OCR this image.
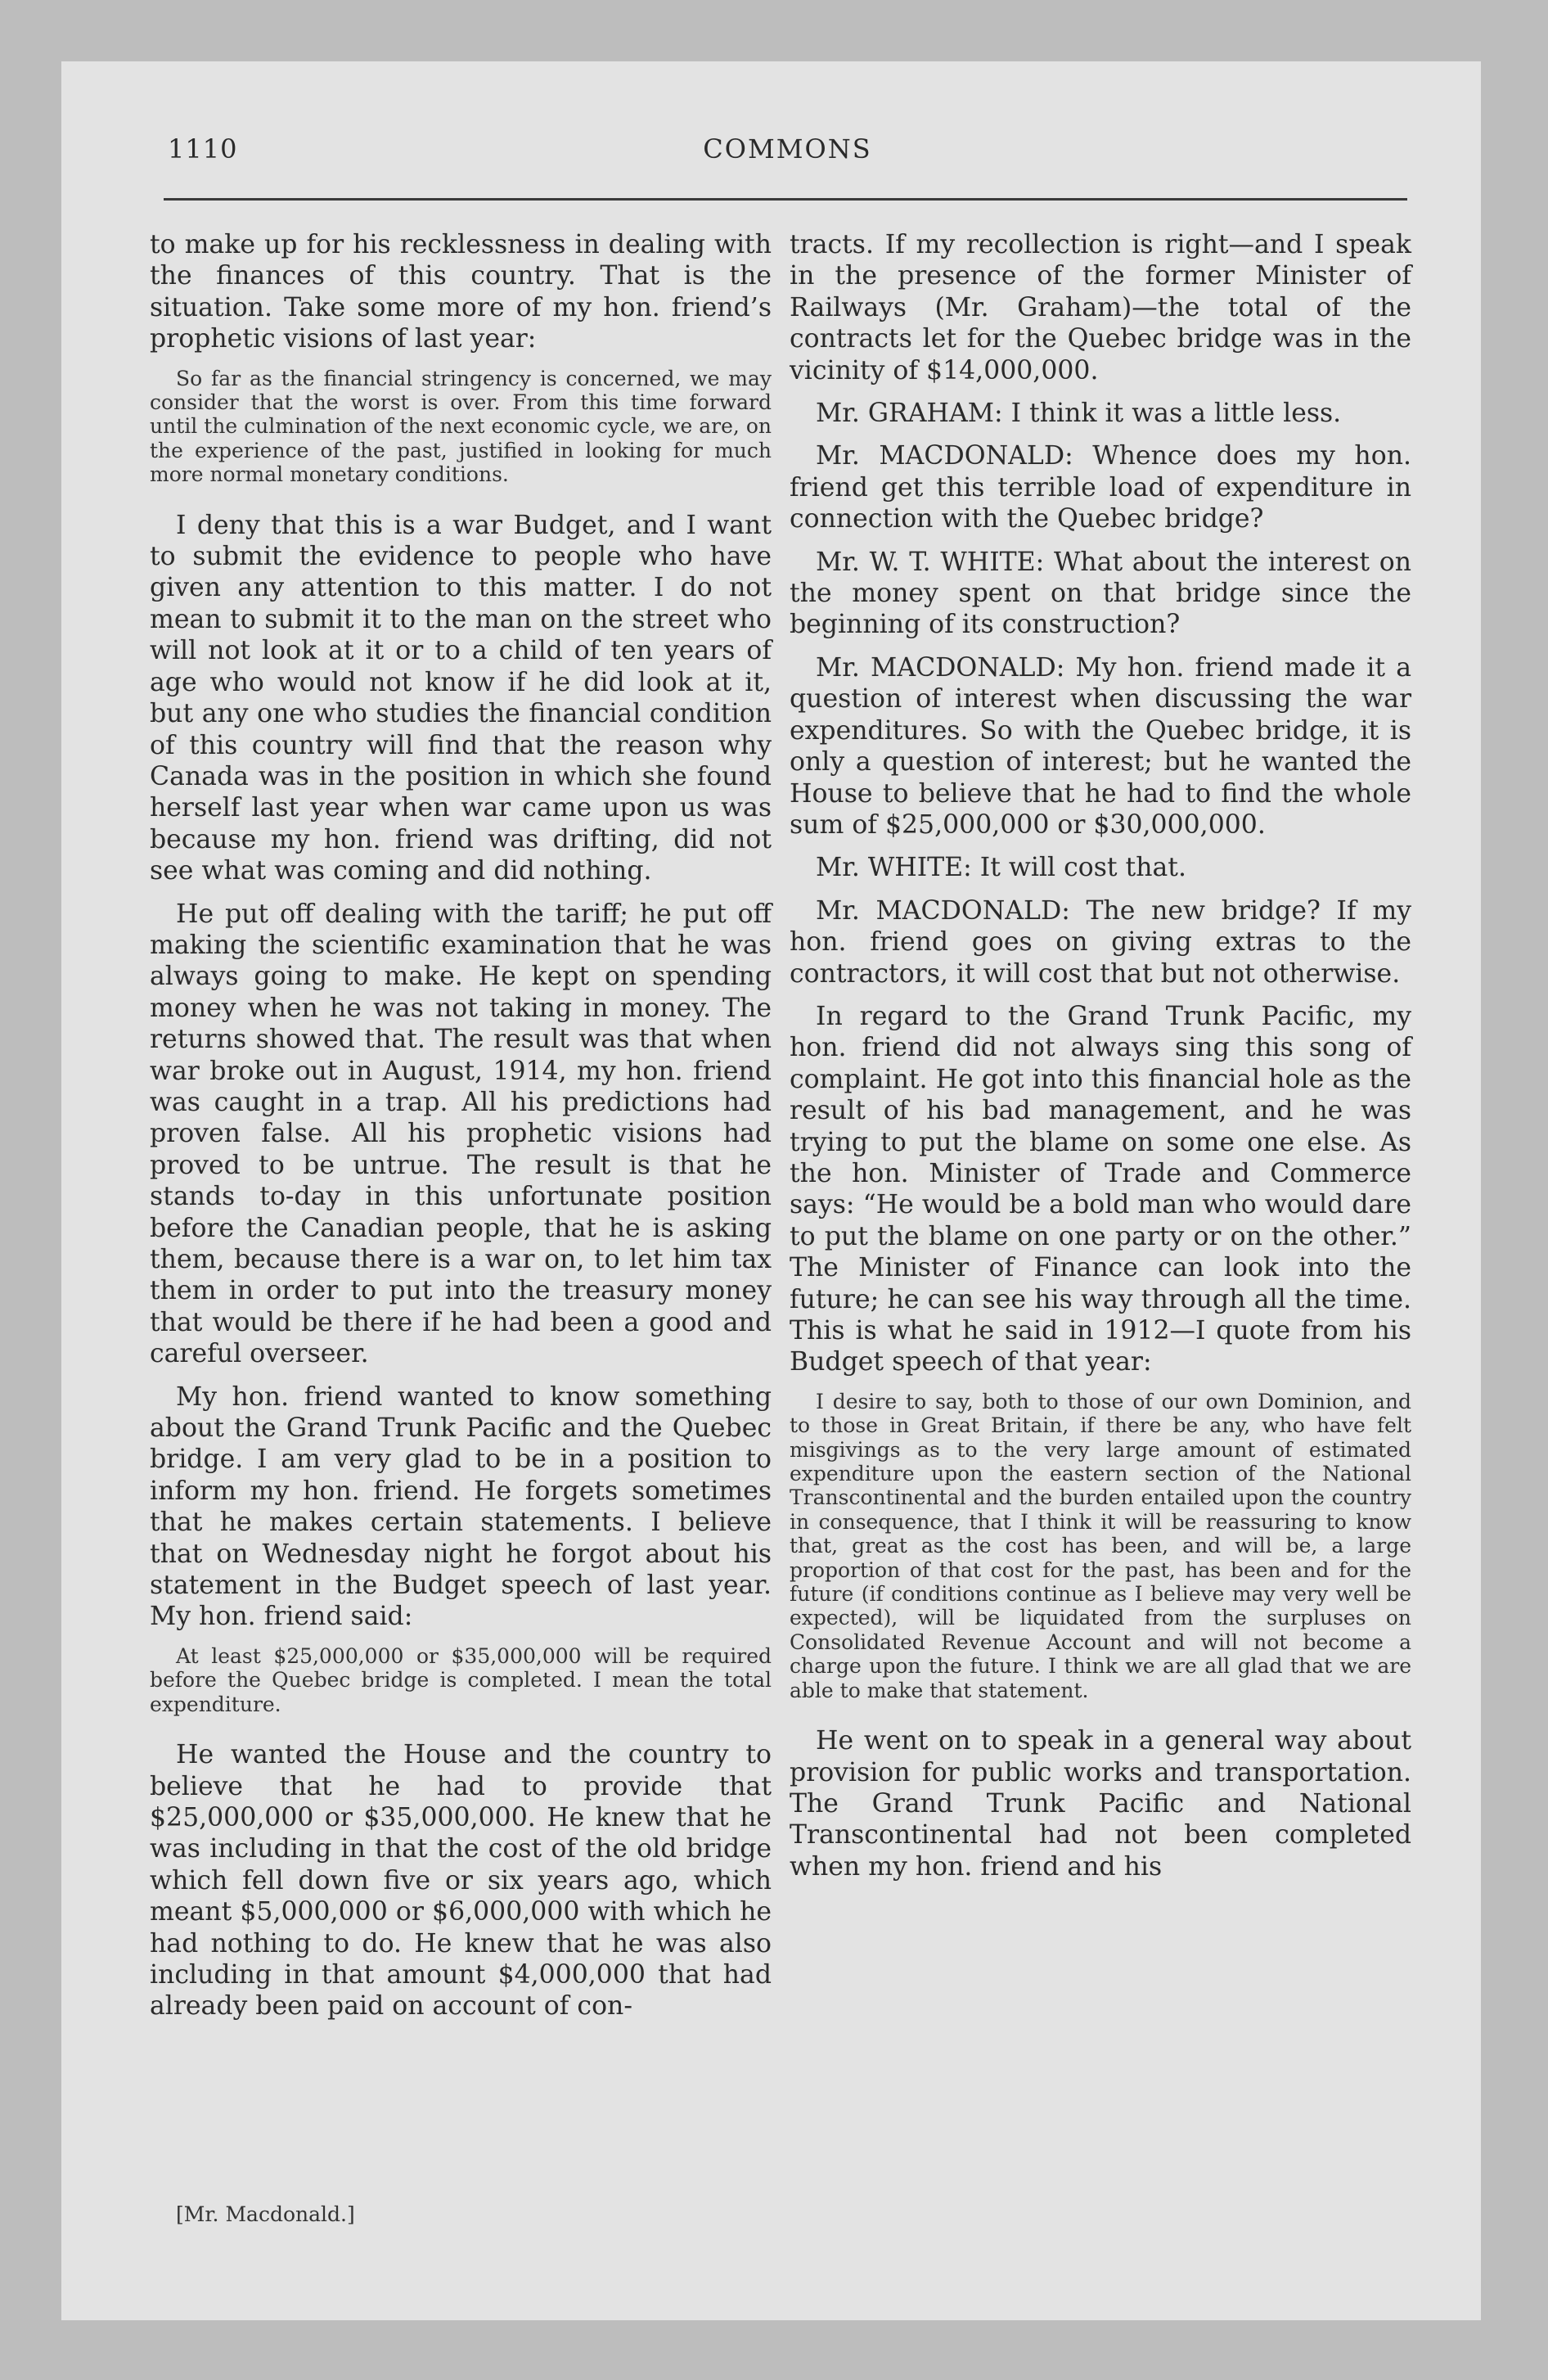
1110	COMMONS

to make up for his recklessness in dealing with the finances of this country. That is the situation. Take some more of my hon. friend’s prophetic visions of last year:

So far as the financial stringency is concerned, we may consider that the worst is over. From this time forward until the culmination of the next economic cycle, we are, on the experience of the past, justified in looking for much more normal monetary conditions.

I deny that this is a war Budget, and I want to submit the evidence to people who have given any attention to this matter. I do not mean to submit it to the man on the street who will not look at it or to a child of ten years of age who would not know if he did look at it, but any one who studies the financial condition of this country will find that the reason why Canada was in the position in which she found herself last year when war came upon us was because my hon. friend was drifting, did not see what was coming and did nothing.

He put off dealing with the tariff; he put off making the scientific examination that he was always going to make. He kept on spending money when he was not taking in money. The returns showed that. The result was that when war broke out in August, 1914, my hon. friend was caught in a trap. All his predictions had proven false. All his prophetic visions had proved to be untrue. The result is that he stands to-day in this unfortunate position before the Canadian people, that he is asking them, because there is a war on, to let him tax them in order to put into the treasury money that would be there if he had been a good and careful overseer.

My hon. friend wanted to know something about the Grand Trunk Pacific and the Quebec bridge. I am very glad to be in a position to inform my hon. friend. He forgets sometimes that he makes certain statements. I believe that on Wednesday night he forgot about his statement in the Budget speech of last year. My hon. friend said:

At least $25,000,000 or $35,000,000 will be required before the Quebec bridge is completed. I mean the total expenditure.

He wanted the House and the country to believe that he had to provide that $25,000,000 or $35,000,000. He knew that he was including in that the cost of the old bridge which fell down five or six years ago, which meant $5,000,000 or $6,000,000 with which he had nothing to do. He knew that he was also including in that amount $4,000,000 that had already been paid on account of con-

tracts. If my recollection is right—and I speak in the presence of the former Minister of Railways (Mr. Graham)—the total of the contracts let for the Quebec bridge was in the vicinity of $14,000,000.

Mr. GRAHAM: I think it was a little less.

Mr. MACDONALD: Whence does my hon. friend get this terrible load of expenditure in connection with the Quebec bridge?

Mr. W. T. WHITE: What about the interest on the money spent on that bridge since the beginning of its construction?

Mr. MACDONALD: My hon. friend made it a question of interest when discussing the war expenditures. So with the Quebec bridge, it is only a question of interest; but he wanted the House to believe that he had to find the whole sum of $25,000,000 or $30,000,000.

Mr. WHITE: It will cost that.

Mr. MACDONALD: The new bridge? If my hon. friend goes on giving extras to the contractors, it will cost that but not otherwise.

In regard to the Grand Trunk Pacific, my hon. friend did not always sing this song of complaint. He got into this financial hole as the result of his bad management, and he was trying to put the blame on some one else. As the hon. Minister of Trade and Commerce says: “He would be a bold man who would dare to put the blame on one party or on the other.” The Minister of Finance can look into the future; he can see his way through all the time. This is what he said in 1912—I quote from his Budget speech of that year:

I desire to say, both to those of our own Dominion, and to those in Great Britain, if there be any, who have felt misgivings as to the very large amount of estimated expenditure upon the eastern section of the National Transcontinental and the burden entailed upon the country in consequence, that I think it will be reassuring to know that, great as the cost has been, and will be, a large proportion of that cost for the past, has been and for the future (if conditions continue as I believe may very well be expected), will be liquidated from the surpluses on Consolidated Revenue Account and will not become a charge upon the future. I think we are all glad that we are able to make that statement.

He went on to speak in a general way about provision for public works and transportation. The Grand Trunk Pacific and National Transcontinental had not been completed when my hon. friend and his

[Mr. Macdonald.]
